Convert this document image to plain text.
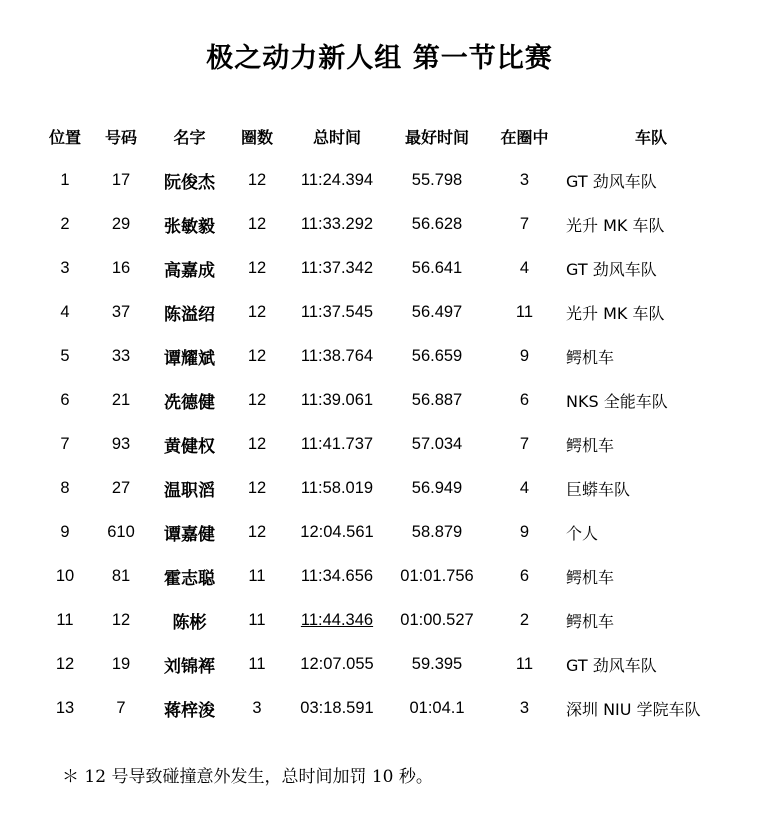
极之动力新人组 第一节比赛
位置	号码	名字	圈数	总时间	最好时间	在圈中	车队
1	17	阮俊杰	12	11:24.394	55.798	3	GT 劲风车队
2	29	张敏毅	12	11:33.292	56.628	7	光升 MK 车队
3	16	高嘉成	12	11:37.342	56.641	4	GT 劲风车队
4	37	陈溢绍	12	11:37.545	56.497	11	光升 MK 车队
5	33	谭耀斌	12	11:38.764	56.659	9	鳄机车
6	21	冼德健	12	11:39.061	56.887	6	NKS 全能车队
7	93	黄健权	12	11:41.737	57.034	7	鳄机车
8	27	温职滔	12	11:58.019	56.949	4	巨蟒车队
9	610	谭嘉健	12	12:04.561	58.879	9	个人
10	81	霍志聪	11	11:34.656	01:01.756	6	鳄机车
11	12	陈彬	11	11:44.346	01:00.527	2	鳄机车
12	19	刘锦裈	11	12:07.055	59.395	11	GT 劲风车队
13	7	蒋梓浚	3	03:18.591	01:04.1	3	深圳 NIU 学院车队
＊ 12 号导致碰撞意外发生，总时间加罚 10 秒。
